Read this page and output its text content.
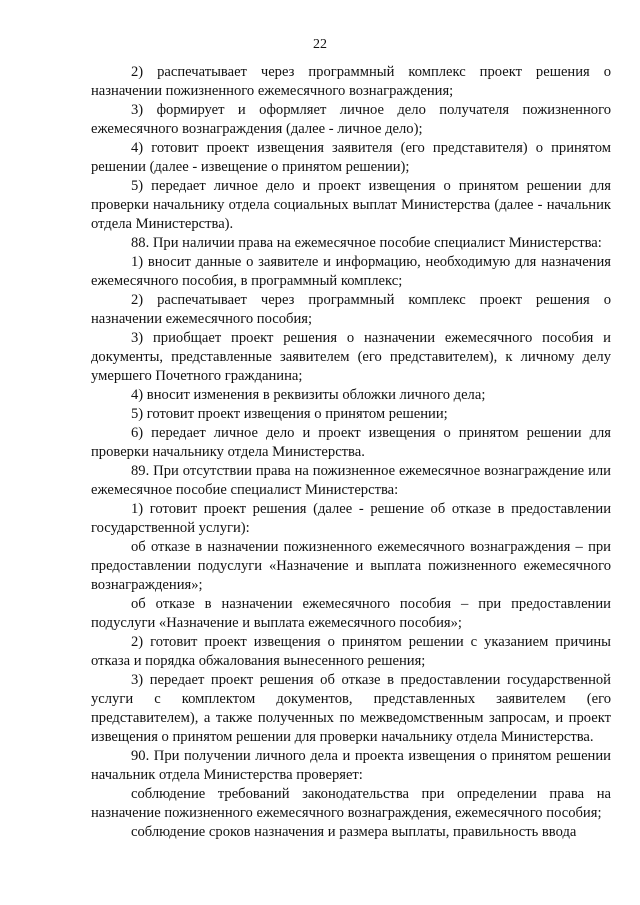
22

2) распечатывает через программный комплекс проект решения о назначении пожизненного ежемесячного вознаграждения;

3) формирует и оформляет личное дело получателя пожизненного ежемесячного вознаграждения (далее - личное дело);

4) готовит проект извещения заявителя (его представителя) о принятом решении (далее - извещение о принятом решении);

5) передает личное дело и проект извещения о принятом решении для проверки начальнику отдела социальных выплат Министерства (далее - начальник отдела Министерства).

88. При наличии права на ежемесячное пособие специалист Министерства:

1) вносит данные о заявителе и информацию, необходимую для назначения ежемесячного пособия, в программный комплекс;

2) распечатывает через программный комплекс проект решения о назначении ежемесячного пособия;

3) приобщает проект решения о назначении ежемесячного пособия и документы, представленные заявителем (его представителем), к личному делу умершего Почетного гражданина;

4) вносит изменения в реквизиты обложки личного дела;

5) готовит проект извещения о принятом решении;

6) передает личное дело и проект извещения о принятом решении для проверки начальнику отдела Министерства.

89. При отсутствии права на пожизненное ежемесячное вознаграждение или ежемесячное пособие специалист Министерства:

1) готовит проект решения (далее - решение об отказе в предоставлении государственной услуги):

об отказе в назначении пожизненного ежемесячного вознаграждения – при предоставлении подуслуги «Назначение и выплата пожизненного ежемесячного вознаграждения»;

об отказе в назначении ежемесячного пособия – при предоставлении подуслуги «Назначение и выплата ежемесячного пособия»;

2) готовит проект извещения о принятом решении с указанием причины отказа и порядка обжалования вынесенного решения;

3) передает проект решения об отказе в предоставлении государственной услуги с комплектом документов, представленных заявителем (его представителем), а также полученных по межведомственным запросам, и проект извещения о принятом решении для проверки начальнику отдела Министерства.

90. При получении личного дела и проекта извещения о принятом решении начальник отдела Министерства проверяет:

соблюдение требований законодательства при определении права на назначение пожизненного ежемесячного вознаграждения, ежемесячного пособия;

соблюдение сроков назначения и размера выплаты, правильность ввода
